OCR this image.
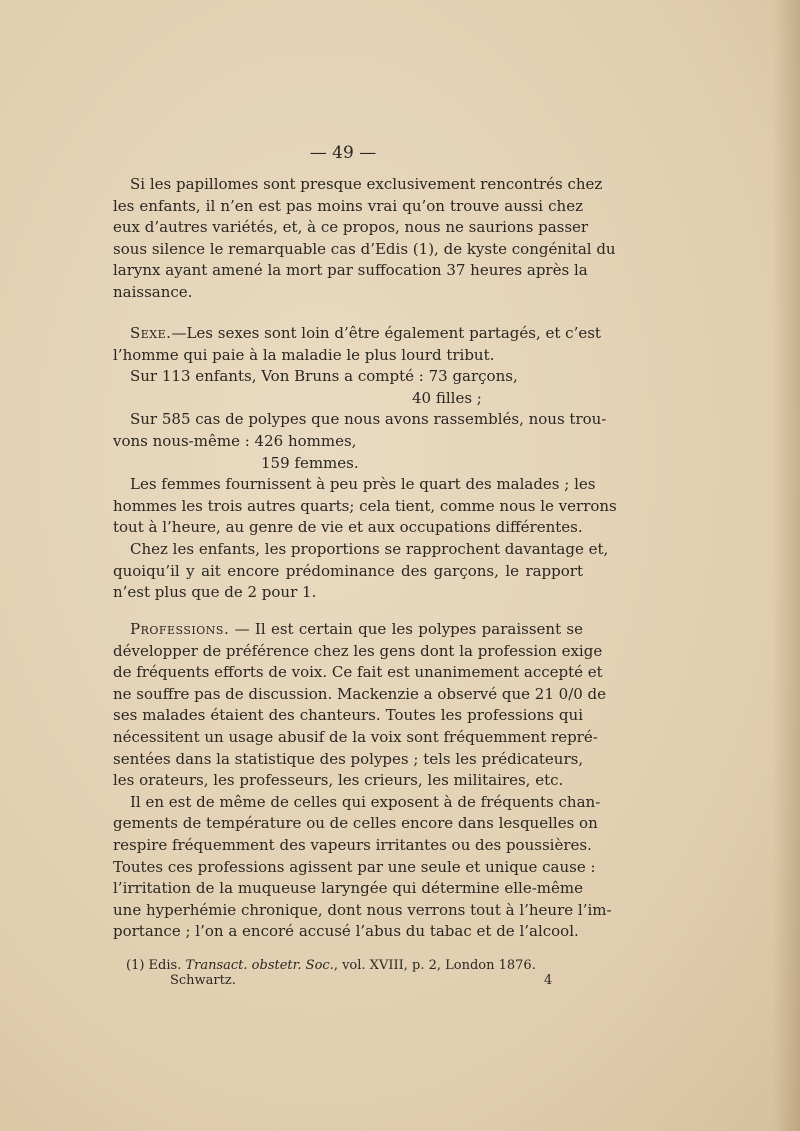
— 49 —
Si les papillomes sont presque exclusivement rencontrés chez
les enfants, il n’en est pas moins vrai qu’on trouve aussi chez
eux d’autres variétés, et, à ce propos, nous ne saurions passer
sous silence le remarquable cas d’Edis (1), de kyste congénital du
larynx ayant amené la mort par suffocation 37 heures après la
naissance.
Sexe.—Les sexes sont loin d’être également partagés, et c’est
l’homme qui paie à la maladie le plus lourd tribut.
Sur 113 enfants, Von Bruns a compté : 73 garçons,
40 filles ;
Sur 585 cas de polypes que nous avons rassemblés, nous trou-
vons nous-même : 426 hommes,
159 femmes.
Les femmes fournissent à peu près le quart des malades ; les
hommes les trois autres quarts; cela tient, comme nous le verrons
tout à l’heure, au genre de vie et aux occupations différentes.
Chez les enfants, les proportions se rapprochent davantage et,
quoiqu’il y ait encore prédominance des garçons, le rapport
n’est plus que de 2 pour 1.
Professions. — Il est certain que les polypes paraissent se
développer de préférence chez les gens dont la profession exige
de fréquents efforts de voix. Ce fait est unanimement accepté et
ne souffre pas de discussion. Mackenzie a observé que 21 0/0 de
ses malades étaient des chanteurs. Toutes les professions qui
nécessitent un usage abusif de la voix sont fréquemment repré-
sentées dans la statistique des polypes ; tels les prédicateurs,
les orateurs, les professeurs, les crieurs, les militaires, etc.
Il en est de même de celles qui exposent à de fréquents chan-
gements de température ou de celles encore dans lesquelles on
respire fréquemment des vapeurs irritantes ou des poussières.
Toutes ces professions agissent par une seule et unique cause :
l’irritation de la muqueuse laryngée qui détermine elle-même
une hyperhémie chronique, dont nous verrons tout à l’heure l’im-
portance ; l’on a encoré accusé l’abus du tabac et de l’alcool.
(1) Edis. Transact. obstetr. Soc., vol. XVIII, p. 2, London 1876.
Schwartz.	4
